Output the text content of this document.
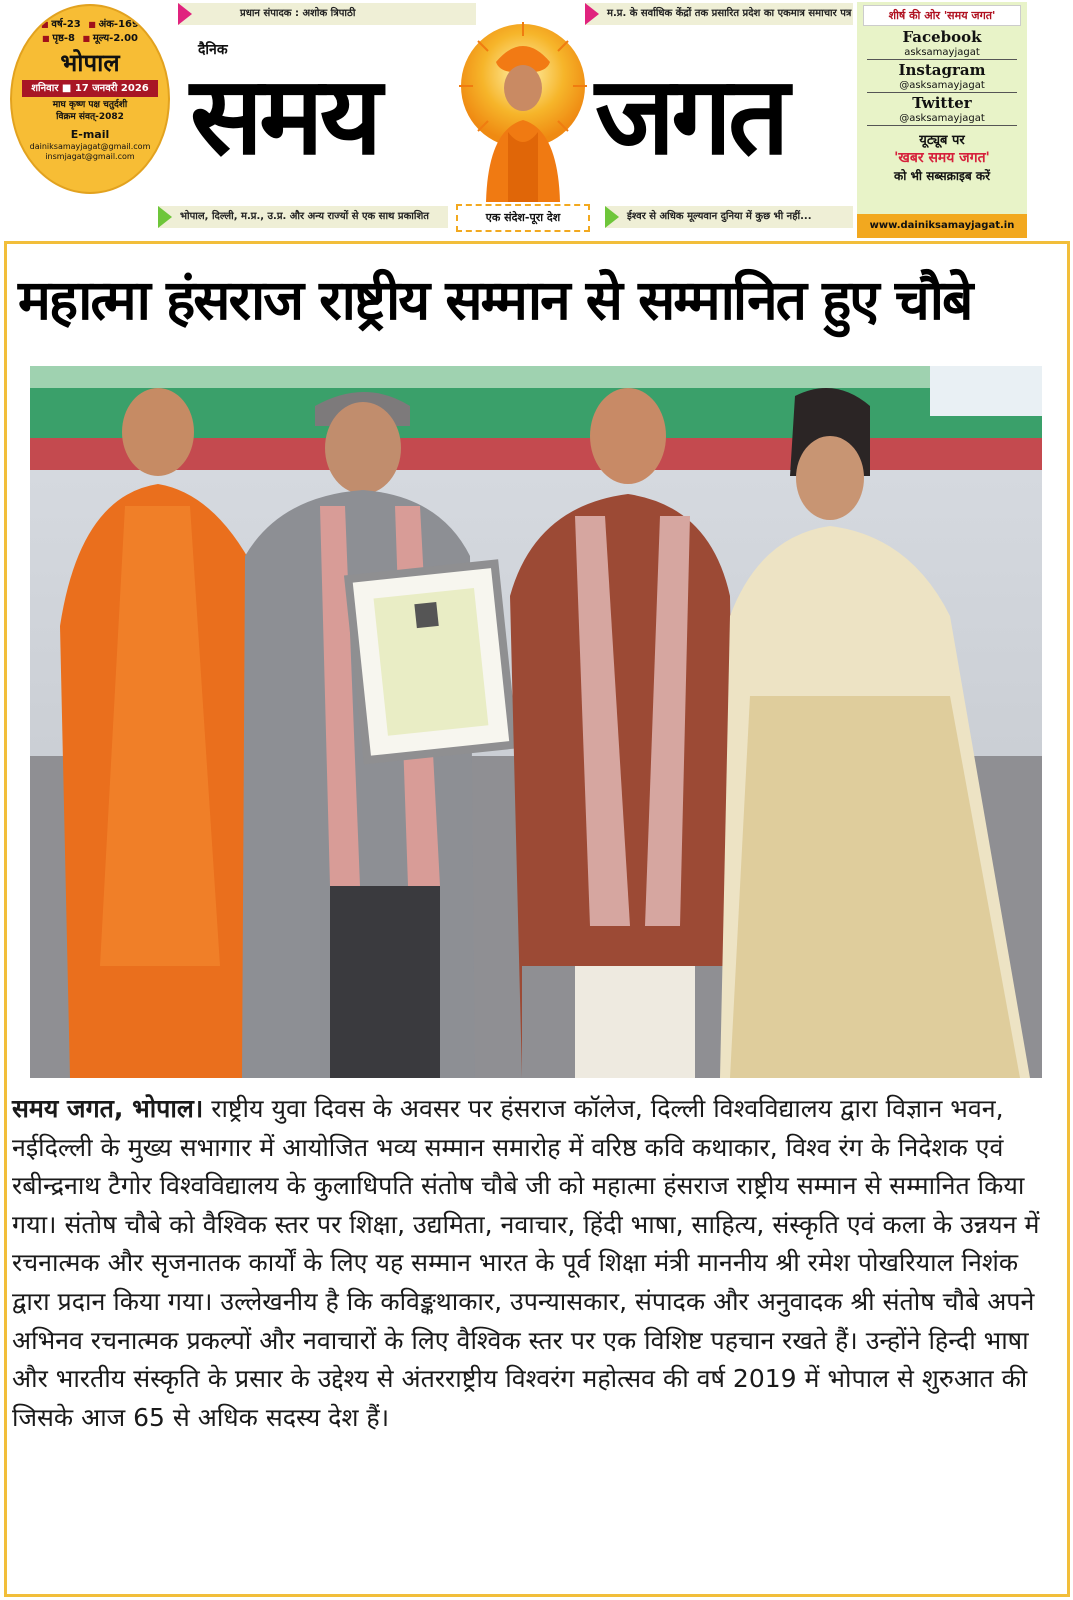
■ वर्ष-23 ■ अंक-169
■ पृष्ठ-8 ■ मूल्य-2.00
भोपाल
शनिवार ■ 17 जनवरी 2026
माघ कृष्ण पक्ष चतुर्दशी
विक्रम संवत्-2082
E-mail
dainiksamayjagat@gmail.com
insmjagat@gmail.com
प्रधान संपादक : अशोक त्रिपाठी	म.प्र. के सर्वाधिक केंद्रों तक प्रसारित प्रदेश का एकमात्र समाचार पत्र
दैनिक
समय जगत
एक संदेश-पूरा देश
भोपाल, दिल्ली, म.प्र., उ.प्र. और अन्य राज्यों से एक साथ प्रकाशित	ईश्वर से अधिक मूल्यवान दुनिया में कुछ भी नहीं...
शीर्ष की ओर 'समय जगत'
Facebook
asksamayjagat
Instagram
@asksamayjagat
Twitter
@asksamayjagat
यूट्यूब पर
'खबर समय जगत'
को भी सब्सक्राइब करें
www.dainiksamayjagat.in
महात्मा हंसराज राष्ट्रीय सम्मान से सम्मानित हुए चौबे

समय जगत, भोपाल। राष्ट्रीय युवा दिवस के अवसर पर हंसराज कॉलेज, दिल्ली विश्वविद्यालय द्वारा विज्ञान भवन, नईदिल्ली के मुख्य सभागार में आयोजित भव्य सम्मान समारोह में वरिष्ठ कवि कथाकार, विश्व रंग के निदेशक एवं रबीन्द्रनाथ टैगोर विश्वविद्यालय के कुलाधिपति संतोष चौबे जी को महात्मा हंसराज राष्ट्रीय सम्मान से सम्मानित किया गया। संतोष चौबे को वैश्विक स्तर पर शिक्षा, उद्यमिता, नवाचार, हिंदी भाषा, साहित्य, संस्कृति एवं कला के उन्नयन में रचनात्मक और सृजनातक कार्यों के लिए यह सम्मान भारत के पूर्व शिक्षा मंत्री माननीय श्री रमेश पोखरियाल निशंक द्वारा प्रदान किया गया। उल्लेखनीय है कि कविङ्कथाकार, उपन्यासकार, संपादक और अनुवादक श्री संतोष चौबे अपने अभिनव रचनात्मक प्रकल्पों और नवाचारों के लिए वैश्विक स्तर पर एक विशिष्ट पहचान रखते हैं। उन्होंने हिन्दी भाषा और भारतीय संस्कृति के प्रसार के उद्देश्य से अंतरराष्ट्रीय विश्वरंग महोत्सव की वर्ष 2019 में भोपाल से शुरुआत की जिसके आज 65 से अधिक सदस्य देश हैं।
